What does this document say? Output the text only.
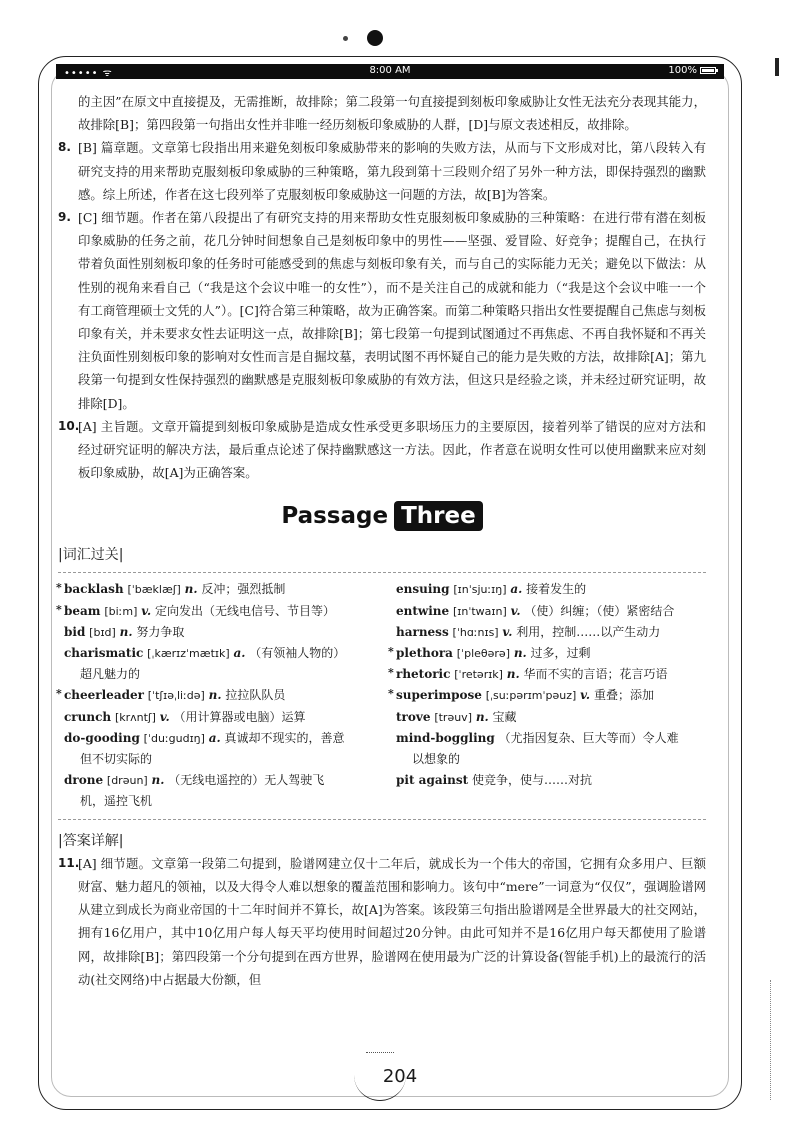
••••• ᯤ	8:00 AM	100%
的主因”在原文中直接提及，无需推断，故排除；第二段第一句直接提到刻板印象威胁让女性无法充分表现其能力，故排除[B]；第四段第一句指出女性并非唯一经历刻板印象威胁的人群，[D]与原文表述相反，故排除。
8. [B] 篇章题。文章第七段指出用来避免刻板印象威胁带来的影响的失败方法，从而与下文形成对比，第八段转入有研究支持的用来帮助克服刻板印象威胁的三种策略，第九段到第十三段则介绍了另外一种方法，即保持强烈的幽默感。综上所述，作者在这七段列举了克服刻板印象威胁这一问题的方法，故[B]为答案。
9. [C] 细节题。作者在第八段提出了有研究支持的用来帮助女性克服刻板印象威胁的三种策略：在进行带有潜在刻板印象威胁的任务之前，花几分钟时间想象自己是刻板印象中的男性——坚强、爱冒险、好竞争；提醒自己，在执行带着负面性别刻板印象的任务时可能感受到的焦虑与刻板印象有关，而与自己的实际能力无关；避免以下做法：从性别的视角来看自己（“我是这个会议中唯一的女性”），而不是关注自己的成就和能力（“我是这个会议中唯一一个有工商管理硕士文凭的人”）。[C]符合第三种策略，故为正确答案。而第二种策略只指出女性要提醒自己焦虑与刻板印象有关，并未要求女性去证明这一点，故排除[B]；第七段第一句提到试图通过不再焦虑、不再自我怀疑和不再关注负面性别刻板印象的影响对女性而言是自掘坟墓，表明试图不再怀疑自己的能力是失败的方法，故排除[A]；第九段第一句提到女性保持强烈的幽默感是克服刻板印象威胁的有效方法，但这只是经验之谈，并未经过研究证明，故排除[D]。
10.
[A] 主旨题。文章开篇提到刻板印象威胁是造成女性承受更多职场压力的主要原因，接着列举了错误的应对方法和经过研究证明的解决方法，最后重点论述了保持幽默感这一方法。因此，作者意在说明女性可以使用幽默来应对刻板印象威胁，故[A]为正确答案。
Passage Three
|词汇过关|
* backlash [ˈbæklæʃ] n. 反冲；强烈抵制
* beam [biːm] v. 定向发出（无线电信号、节目等）
bid [bɪd] n. 努力争取
charismatic [ˌkærɪzˈmætɪk] a. （有领袖人物的）
超凡魅力的
* cheerleader [ˈtʃɪəˌliːdə] n. 拉拉队队员
crunch [krʌntʃ] v. （用计算器或电脑）运算
do-gooding [ˈduːgudɪŋ] a. 真诚却不现实的，善意
但不切实际的
drone [drəun] n. （无线电遥控的）无人驾驶飞
机，遥控飞机
ensuing [ɪnˈsjuːɪŋ] a. 接着发生的
entwine [ɪnˈtwaɪn] v. （使）纠缠；（使）紧密结合
harness [ˈhɑːnɪs] v. 利用，控制……以产生动力
* plethora [ˈpleθərə] n. 过多，过剩
* rhetoric [ˈretərɪk] n. 华而不实的言语；花言巧语
* superimpose [ˌsuːpərɪmˈpəuz] v. 重叠；添加
trove [trəuv] n. 宝藏
mind-boggling （尤指因复杂、巨大等而）令人难
以想象的
pit against 使竞争，使与……对抗
|答案详解|
11.
[A] 细节题。文章第一段第二句提到，脸谱网建立仅十二年后，就成长为一个伟大的帝国，它拥有众多用户、巨额财富、魅力超凡的领袖，以及大得令人难以想象的覆盖范围和影响力。该句中“mere”一词意为“仅仅”，强调脸谱网从建立到成长为商业帝国的十二年时间并不算长，故[A]为答案。该段第三句指出脸谱网是全世界最大的社交网站，拥有16亿用户，其中10亿用户每人每天平均使用时间超过20分钟。由此可知并不是16亿用户每天都使用了脸谱网，故排除[B]；第四段第一个分句提到在西方世界，脸谱网在使用最为广泛的计算设备(智能手机)上的最流行的活动(社交网络)中占据最大份额，但
204
